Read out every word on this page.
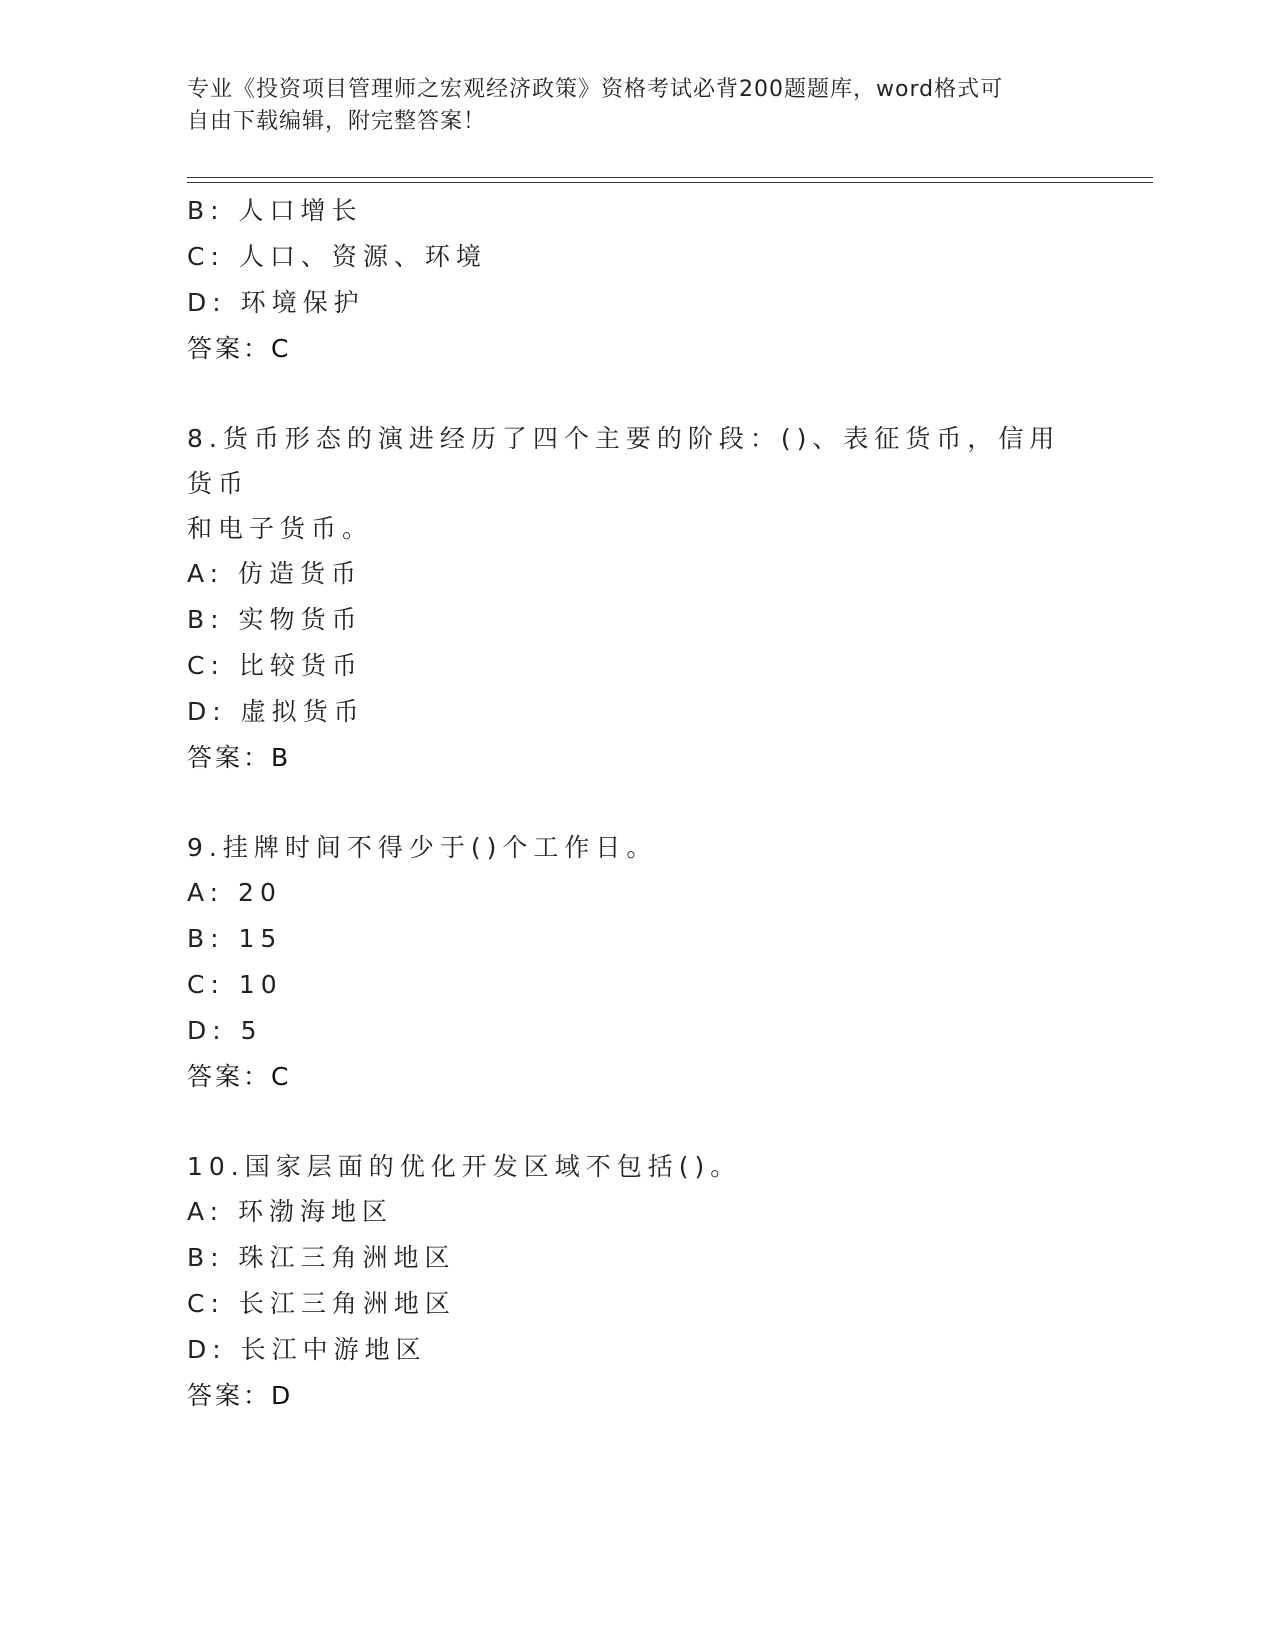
专业《投资项目管理师之宏观经济政策》资格考试必背200题题库，word格式可
自由下载编辑，附完整答案！
B: 人口增长
C: 人口、资源、环境
D: 环境保护
答案：C
8.货币形态的演进经历了四个主要的阶段：()、表征货币，信用货币
和电子货币。
A: 仿造货币
B: 实物货币
C: 比较货币
D: 虚拟货币
答案：B
9.挂牌时间不得少于()个工作日。
A: 20
B: 15
C: 10
D: 5
答案：C
10.国家层面的优化开发区域不包括()。
A: 环渤海地区
B: 珠江三角洲地区
C: 长江三角洲地区
D: 长江中游地区
答案：D
